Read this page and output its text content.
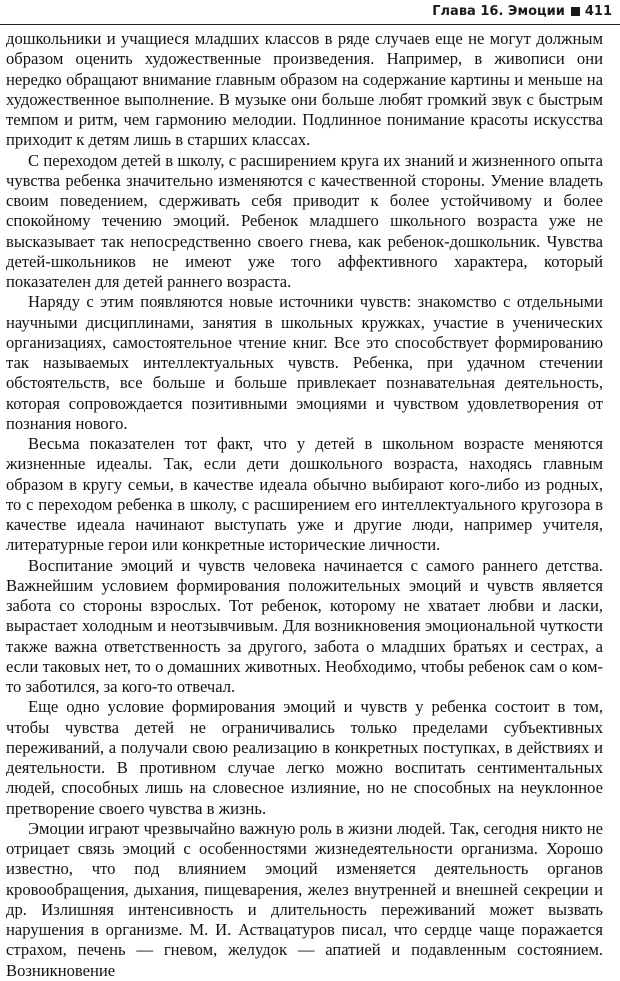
Глава 16. Эмоции 411

дошкольники и учащиеся младших классов в ряде случаев еще не могут должным образом оценить художественные произведения. Например, в живописи они нередко обращают внимание главным образом на содержание картины и меньше на художественное выполнение. В музыке они больше любят громкий звук с быстрым темпом и ритм, чем гармонию мелодии. Подлинное понимание красоты искусства приходит к детям лишь в старших классах.

С переходом детей в школу, с расширением круга их знаний и жизненного опыта чувства ребенка значительно изменяются с качественной стороны. Умение владеть своим поведением, сдерживать себя приводит к более устойчивому и более спокойному течению эмоций. Ребенок младшего школьного возраста уже не высказывает так непосредственно своего гнева, как ребенок-дошкольник. Чувства детей-школьников не имеют уже того аффективного характера, который показателен для детей раннего возраста.

Наряду с этим появляются новые источники чувств: знакомство с отдельными научными дисциплинами, занятия в школьных кружках, участие в ученических организациях, самостоятельное чтение книг. Все это способствует формированию так называемых интеллектуальных чувств. Ребенка, при удачном стечении обстоятельств, все больше и больше привлекает познавательная деятельность, которая сопровождается позитивными эмоциями и чувством удовлетворения от познания нового.

Весьма показателен тот факт, что у детей в школьном возрасте меняются жизненные идеалы. Так, если дети дошкольного возраста, находясь главным образом в кругу семьи, в качестве идеала обычно выбирают кого-либо из родных, то с переходом ребенка в школу, с расширением его интеллектуального кругозора в качестве идеала начинают выступать уже и другие люди, например учителя, литературные герои или конкретные исторические личности.

Воспитание эмоций и чувств человека начинается с самого раннего детства. Важнейшим условием формирования положительных эмоций и чувств является забота со стороны взрослых. Тот ребенок, которому не хватает любви и ласки, вырастает холодным и неотзывчивым. Для возникновения эмоциональной чуткости также важна ответственность за другого, забота о младших братьях и сестрах, а если таковых нет, то о домашних животных. Необходимо, чтобы ребенок сам о ком-то заботился, за кого-то отвечал.

Еще одно условие формирования эмоций и чувств у ребенка состоит в том, чтобы чувства детей не ограничивались только пределами субъективных переживаний, а получали свою реализацию в конкретных поступках, в действиях и деятельности. В противном случае легко можно воспитать сентиментальных людей, способных лишь на словесное излияние, но не способных на неуклонное претворение своего чувства в жизнь.

Эмоции играют чрезвычайно важную роль в жизни людей. Так, сегодня никто не отрицает связь эмоций с особенностями жизнедеятельности организма. Хорошо известно, что под влиянием эмоций изменяется деятельность органов кровообращения, дыхания, пищеварения, желез внутренней и внешней секреции и др. Излишняя интенсивность и длительность переживаний может вызвать нарушения в организме. М. И. Аствацатуров писал, что сердце чаще поражается страхом, печень — гневом, желудок — апатией и подавленным состоянием. Возникновение
